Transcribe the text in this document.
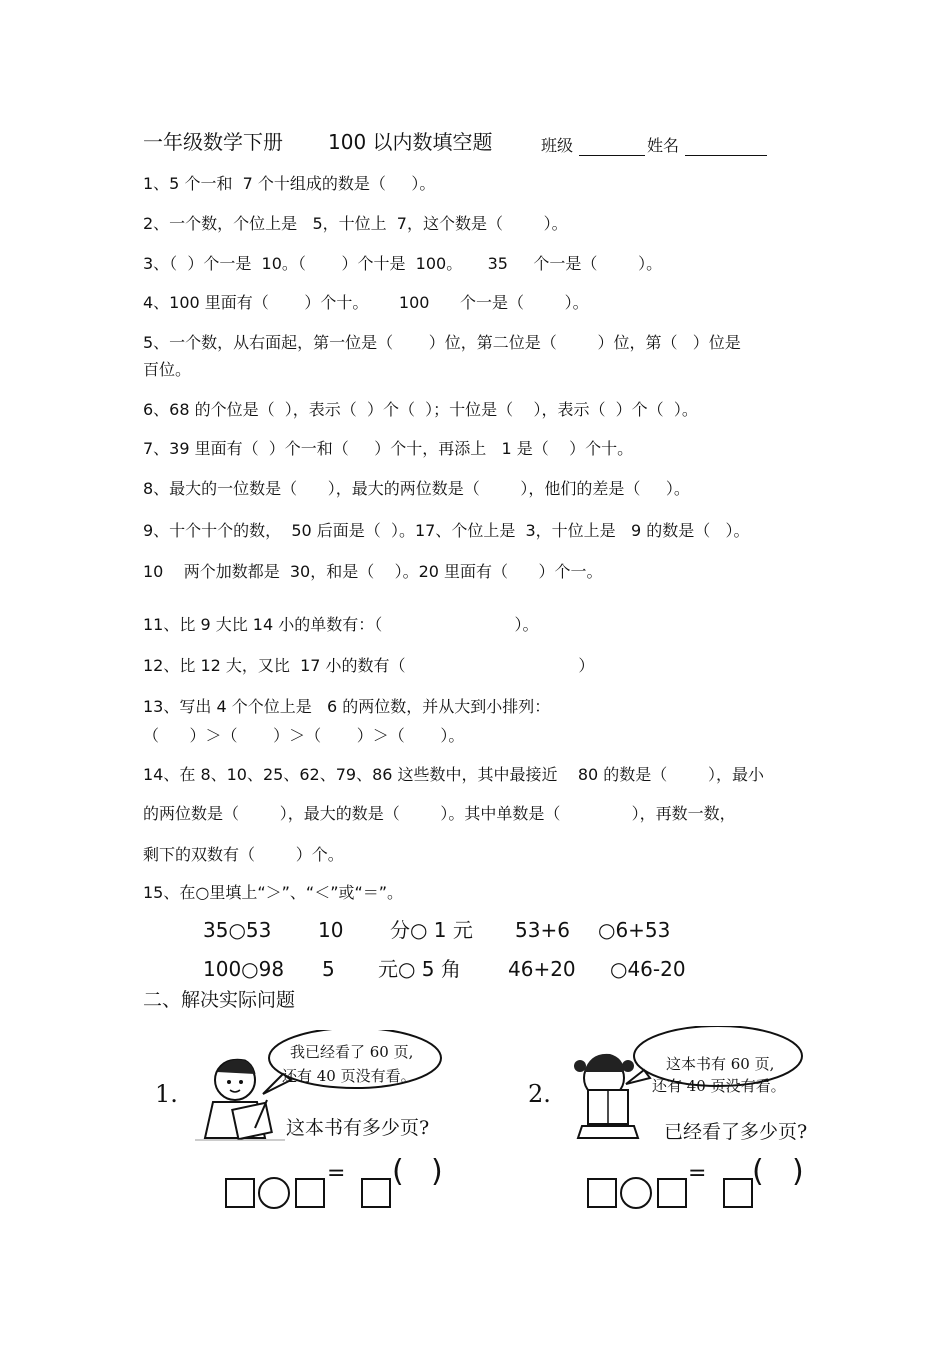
一年级数学下册 100 以内数填空题	班级	姓名
1、5 个一和  7 个十组成的数是（     ）。
2、一个数，个位上是   5，十位上  7，这个数是（        ）。
3、（  ）个一是  10。（       ）个十是  100。     35     个一是（        ）。
4、100 里面有（       ）个十。      100      个一是（        ）。
5、一个数，从右面起，第一位是（       ）位，第二位是（        ）位，第（   ）位是
百位。
6、68 的个位是（  ），表示（  ）个（  ）；十位是（    ），表示（  ）个（  ）。
7、39 里面有（  ）个一和（     ）个十，再添上   1 是（    ）个十。
8、最大的一位数是（      ），最大的两位数是（        ），他们的差是（     ）。
9、十个十个的数，  50 后面是（  ）。17、个位上是  3，十位上是   9 的数是（   ）。
10    两个加数都是  30，和是（    ）。20 里面有（      ）个一。
11、比 9 大比 14 小的单数有：（                          ）。
12、比 12 大，又比  17 小的数有（                                  ）
13、写出 4 个个位上是   6 的两位数，并从大到小排列：
（      ）＞（       ）＞（       ）＞（       ）。
14、在 8、10、25、62、79、86 这些数中，其中最接近    80 的数是（        ），最小
的两位数是（        ），最大的数是（        ）。其中单数是（              ），再数一数，
剩下的双数有（        ）个。
15、在○里填上“＞”、“＜”或“＝”。
35○53 10 分○ 1 元 53+6 ○6+53
100○98 5 元○ 5 角 46+20 ○46-20
二、解决实际问题
1.
我已经看了 60 页,
还有 40 页没有看。
这本书有多少页?

= ( )
2.
这本书有 60 页,
还有 40 页没有看。
已经看了多少页?

= ( )
